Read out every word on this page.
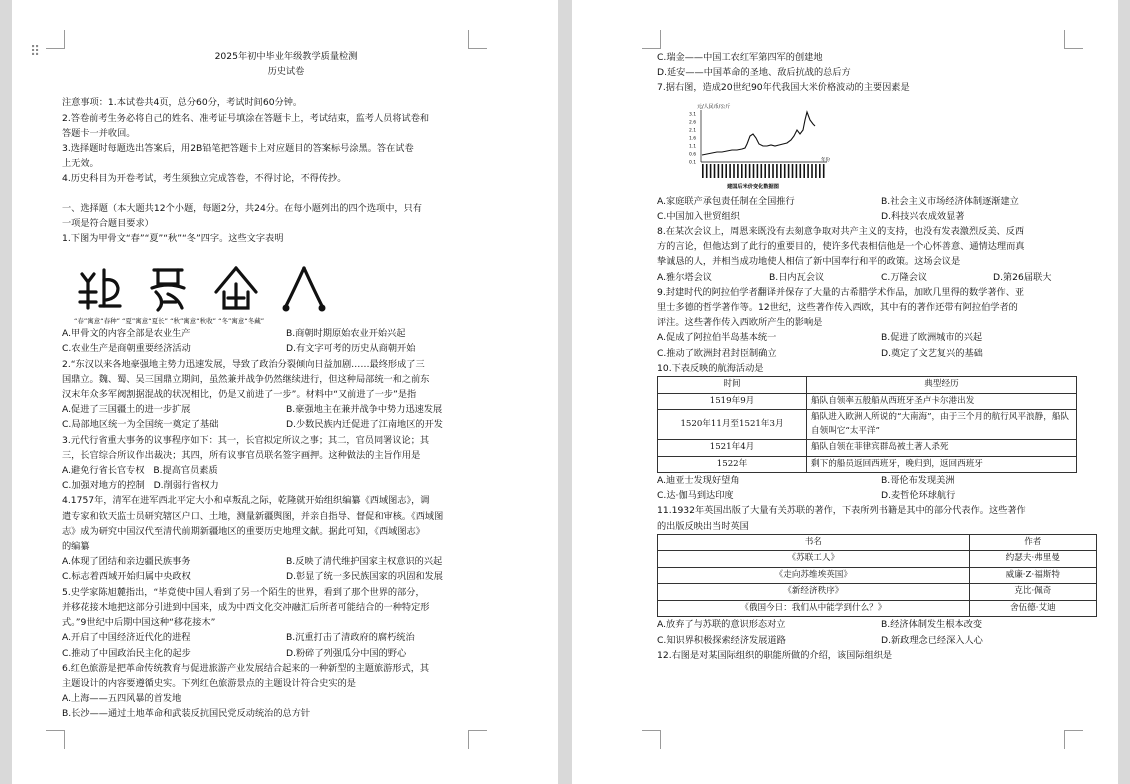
⠿	2025年初中毕业年级教学质量检测
历史试卷
注意事项：1.本试卷共4页，总分60分，考试时间60分钟。
2.答卷前考生务必将自己的姓名、准考证号填涂在答题卡上，考试结束，监考人员将试卷和
答题卡一并收回。
3.选择题时每题选出答案后，用2B铅笔把答题卡上对应题目的答案标号涂黑。答在试卷
上无效。
4.历史科目为开卷考试，考生须独立完成答卷，不得讨论，不得传抄。
一、选择题（本大题共12个小题，每题2分，共24分。在每小题列出的四个选项中，只有
一项是符合题目要求）
1.下图为甲骨文“春”“夏”“秋”“冬”四字。这些文字表明
“春”寓意“春种” “夏”寓意“夏长” “秋”寓意“秋收” “冬”寓意“冬藏”
A.甲骨文的内容全部是农业生产	B.商朝时期原始农业开始兴起
C.农业生产是商朝重要经济活动	D.有文字可考的历史从商朝开始
2.“东汉以来各地豪强地主势力迅速发展，导致了政治分裂倾向日益加剧……最终形成了三
国鼎立。魏、蜀、吴三国鼎立期间，虽然兼并战争仍然继续进行，但这种局部统一和之前东
汉末年众多军阀割据混战的状况相比，仍是又前进了一步”。材料中“又前进了一步”是指
A.促进了三国疆土的进一步扩展	B.豪强地主在兼并战争中势力迅速发展
C.局部地区统一为全国统一奠定了基础	D.少数民族内迁促进了江南地区的开发
3.元代行省重大事务的议事程序如下：其一，长官拟定所议之事；其二，官员同署议论；其
三，长官综合所议作出裁决；其四，所有议事官员联名签字画押。这种做法的主旨作用是
A.避免行省长官专权 B.提高官员素质
C.加强对地方的控制 D.削弱行省权力
4.1757年，清军在进军西北平定大小和卓叛乱之际，乾隆就开始组织编纂《西域图志》，调
遣专家和钦天监士员研究辖区户口、土地，测量新疆舆图，并亲自指导、督促和审核。《西域图
志》成为研究中国汉代至清代前期新疆地区的重要历史地理文献。据此可知，《西域图志》
的编纂
A.体现了团结和亲边疆民族事务	B.反映了清代维护国家主权意识的兴起
C.标志着西域开始归属中央政权	D.彰显了统一多民族国家的巩固和发展
5.史学家陈旭麓指出，“毕竟使中国人看到了另一个陌生的世界，看到了那个世界的部分，
并移花接木地把这部分引进到中国来，成为中西文化交冲融汇后所者可能结合的一种特定形
式。”9世纪中后期中国这种“移花接木”
A.开启了中国经济近代化的进程	B.沉重打击了清政府的腐朽统治
C.推动了中国政治民主化的起步	D.粉碎了列强瓜分中国的野心
6.红色旅游是把革命传统教育与促进旅游产业发展结合起来的一种新型的主题旅游形式，其
主题设计的内容要遵循史实。下列红色旅游景点的主题设计符合史实的是
A.上海——五四风暴的首发地
B.长沙——通过土地革命和武装反抗国民党反动统治的总方针
C.瑞金——中国工农红军第四军的创建地
D.延安——中国革命的圣地、敌后抗战的总后方
7.据右图，造成20世纪90年代我国大米价格波动的主要因素是
元/人民币/公斤
3.1
2.6
2.1
1.6
1.1
0.6
0.1	年份
建国后米价变化数据图
A.家庭联产承包责任制在全国推行	B.社会主义市场经济体制逐渐建立
C.中国加入世贸组织	D.科技兴农成效显著
8.在某次会议上，周恩来既没有去刻意争取对共产主义的支持，也没有发表激烈反美、反西
方的言论，但他达到了此行的重要目的，使许多代表相信他是一个心怀善意、通情达理而真
挚诚恳的人，并相当成功地使人相信了新中国奉行和平的政策。这场会议是
A.雅尔塔会议	B.日内瓦会议	C.万隆会议	D.第26届联大
9.封建时代的阿拉伯学者翻译并保存了大量的古希腊学术作品，加欧几里得的数学著作、亚
里士多德的哲学著作等。12世纪，这些著作传入西欧，其中有的著作还带有阿拉伯学者的
评注。这些著作传入西欧所产生的影响是
A.促成了阿拉伯半岛基本统一	B.促进了欧洲城市的兴起
C.推动了欧洲封君封臣制确立	D.奠定了文艺复兴的基础
10.下表反映的航海活动是
时间	典型经历
1519年9月	船队自领率五般船从西班牙圣卢卡尔港出发
1520年11月至1521年3月	船队进入欧洲人所说的“大南海”，由于三个月的航行风平浪静，船队自领叫它“太平洋”
1521年4月	船队自领在菲律宾群岛被土著人杀死
1522年	剩下的船员返回西班牙，晚归到，返回西班牙
A.迪亚士发现好望角	B.哥伦布发现美洲
C.达·伽马到达印度	D.麦哲伦环球航行
11.1932年英国出版了大量有关苏联的著作，下表所列书籍是其中的部分代表作。这些著作
的出版反映出当时英国
书名	作者
《苏联工人》	约瑟夫·弗里曼
《走向苏维埃英国》	威廉·Z·福斯特
《新经济秩序》	克比·佩奇
《俄国今日：我们从中能学到什么？》	舍伍德·艾迪
A.放弃了与苏联的意识形态对立	B.经济体制发生根本改变
C.知识界积极探索经济发展道路	D.新政理念已经深入人心
12.右图是对某国际组织的职能所做的介绍，该国际组织是
